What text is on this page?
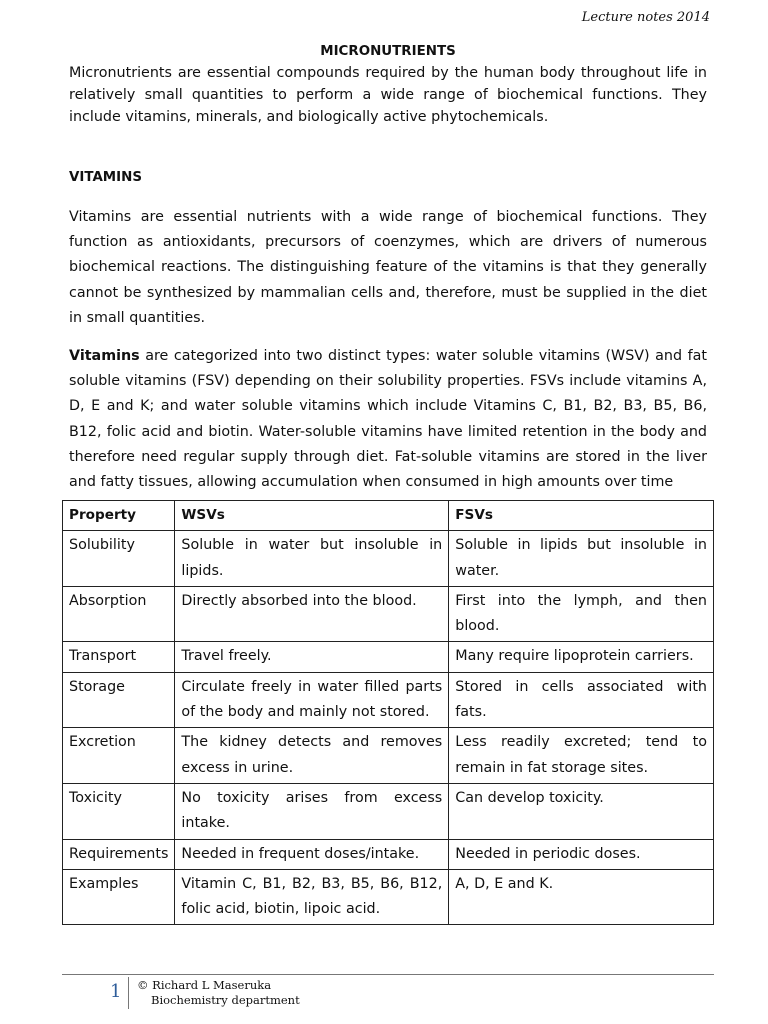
Lecture notes 2014

MICRONUTRIENTS

Micronutrients are essential compounds required by the human body throughout life in relatively small quantities to perform a wide range of biochemical functions. They include vitamins, minerals, and biologically active phytochemicals.

VITAMINS

Vitamins are essential nutrients with a wide range of biochemical functions. They function as antioxidants, precursors of coenzymes, which are drivers of numerous biochemical reactions. The distinguishing feature of the vitamins is that they generally cannot be synthesized by mammalian cells and, therefore, must be supplied in the diet in small quantities.

Vitamins are categorized into two distinct types: water soluble vitamins (WSV) and fat soluble vitamins (FSV) depending on their solubility properties. FSVs include vitamins A, D, E and K; and water soluble vitamins which include Vitamins C, B1, B2, B3, B5, B6, B12, folic acid and biotin. Water-soluble vitamins have limited retention in the body and therefore need regular supply through diet. Fat-soluble vitamins are stored in the liver and fatty tissues, allowing accumulation when consumed in high amounts over time

Property	WSVs	FSVs
Solubility	Soluble in water but insoluble in lipids.	Soluble in lipids but insoluble in water.
Absorption	Directly absorbed into the blood.	First into the lymph, and then blood.
Transport	Travel freely.	Many require lipoprotein carriers.
Storage	Circulate freely in water filled parts of the body and mainly not stored.	Stored in cells associated with fats.
Excretion	The kidney detects and removes excess in urine.	Less readily excreted; tend to remain in fat storage sites.
Toxicity	No toxicity arises from excess intake.	Can develop toxicity.
Requirements	Needed in frequent doses/intake.	Needed in periodic doses.
Examples	Vitamin C, B1, B2, B3, B5, B6, B12, folic acid, biotin, lipoic acid.	A, D, E and K.
1 © Richard L Maseruka
Biochemistry department
